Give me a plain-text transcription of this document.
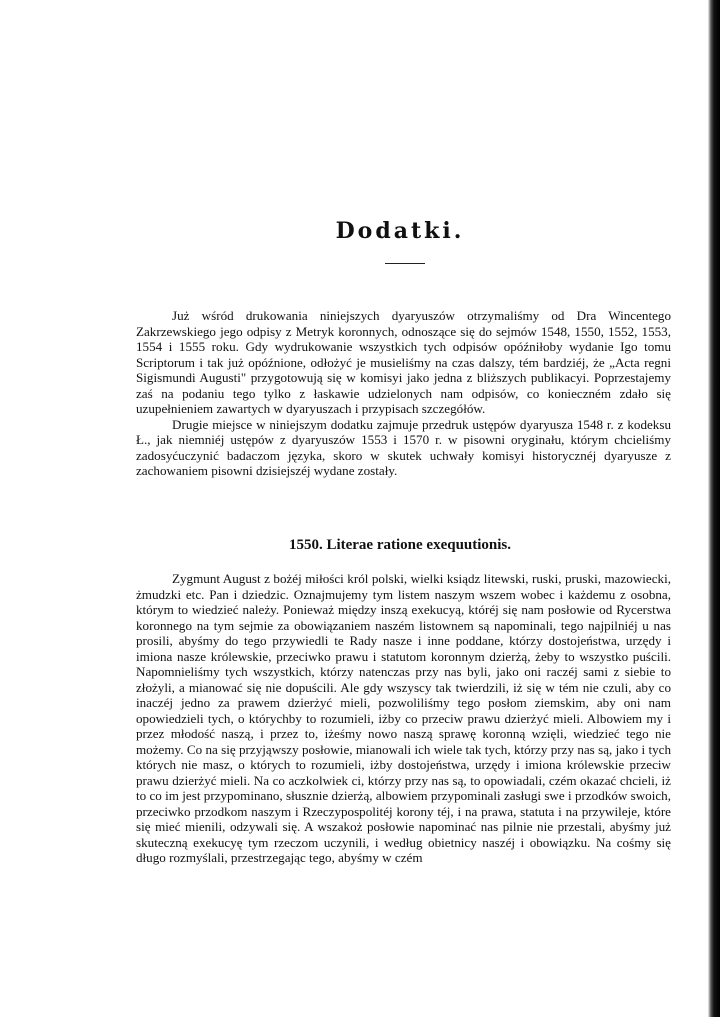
Dodatki.

Już wśród drukowania niniejszych dyaryuszów otrzymaliśmy od Dra Wincentego Zakrzewskiego jego odpisy z Metryk koronnych, odnoszące się do sejmów 1548, 1550, 1552, 1553, 1554 i 1555 roku. Gdy wydrukowanie wszystkich tych odpisów opóźniłoby wydanie Igo tomu Scriptorum i tak już opóźnione, odłożyć je musieliśmy na czas dalszy, tém bardziéj, że „Acta regni Sigismundi Augusti" przygotowują się w komisyi jako jedna z bliższych publikacyi. Poprzestajemy zaś na podaniu tego tylko z łaskawie udzielonych nam odpisów, co konieczném zdało się uzupełnieniem zawartych w dyaryuszach i przypisach szczegółów.

Drugie miejsce w niniejszym dodatku zajmuje przedruk ustępów dyaryusza 1548 r. z kodeksu Ł., jak niemniéj ustępów z dyaryuszów 1553 i 1570 r. w pisowni oryginału, którym chcieliśmy zadosyćuczynić badaczom języka, skoro w skutek uchwały komisyi historycznéj dyaryusze z zachowaniem pisowni dzisiejszéj wydane zostały.

1550. Literae ratione exequutionis.

Zygmunt August z bożéj miłości król polski, wielki ksiądz litewski, ruski, pruski, mazowiecki, żmudzki etc. Pan i dziedzic. Oznajmujemy tym listem naszym wszem wobec i każdemu z osobna, którym to wiedzieć należy. Ponieważ między inszą exekucyą, któréj się nam posłowie od Rycerstwa koronnego na tym sejmie za obowiązaniem naszém listownem są napominali, tego najpilniéj u nas prosili, abyśmy do tego przywiedli te Rady nasze i inne poddane, którzy dostojeństwa, urzędy i imiona nasze królewskie, przeciwko prawu i statutom koronnym dzierżą, żeby to wszystko puścili. Napomnieliśmy tych wszystkich, którzy natenczas przy nas byli, jako oni raczéj sami z siebie to złożyli, a mianować się nie dopuścili. Ale gdy wszyscy tak twierdzili, iż się w tém nie czuli, aby co inaczéj jedno za prawem dzierżyć mieli, pozwoliliśmy tego posłom ziemskim, aby oni nam opowiedzieli tych, o którychby to rozumieli, iżby co przeciw prawu dzierżyć mieli. Albowiem my i przez młodość naszą, i przez to, iżeśmy nowo naszą sprawę koronną wzięli, wiedzieć tego nie możemy. Co na się przyjąwszy posłowie, mianowali ich wiele tak tych, którzy przy nas są, jako i tych których nie masz, o których to rozumieli, iżby dostojeństwa, urzędy i imiona królewskie przeciw prawu dzierżyć mieli. Na co aczkolwiek ci, którzy przy nas są, to opowiadali, czém okazać chcieli, iż to co im jest przypominano, słusznie dzierżą, albowiem przypominali zasługi swe i przodków swoich, przeciwko przodkom naszym i Rzeczypospolitéj korony téj, i na prawa, statuta i na przywileje, które się mieć mienili, odzywali się. A wszakoż posłowie napominać nas pilnie nie przestali, abyśmy już skuteczną exekucyę tym rzeczom uczynili, i według obietnicy naszéj i obowiązku. Na cośmy się długo rozmyślali, przestrzegając tego, abyśmy w czém
